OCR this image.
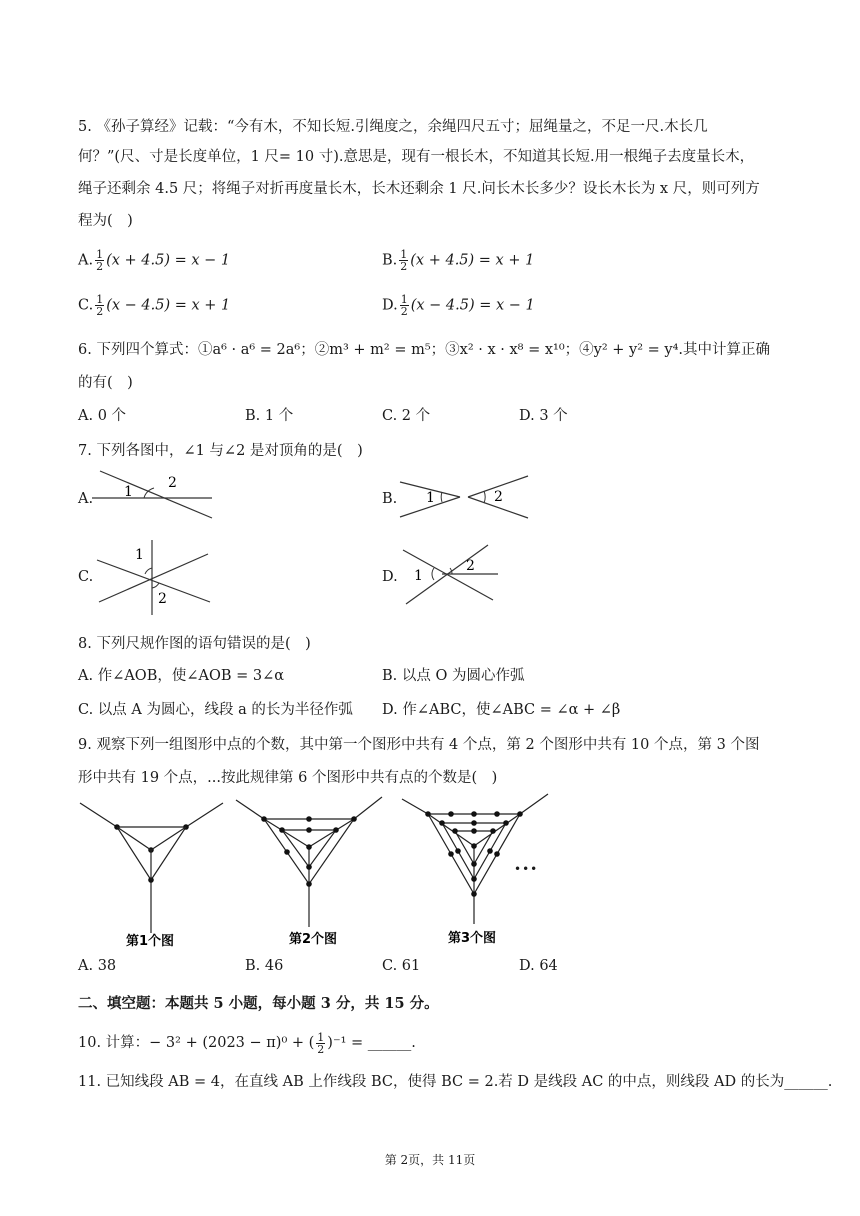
5. 《孙子算经》记载：“今有木，不知长短.引绳度之，余绳四尺五寸；屈绳量之，不足一尺.木长几
何？”(尺、寸是长度单位，1 尺= 10 寸).意思是，现有一根长木，不知道其长短.用一根绳子去度量长木，
绳子还剩余 4.5 尺；将绳子对折再度量长木，长木还剩余 1 尺.问长木长多少？设长木长为 x 尺，则可列方
程为(　)
A. $\frac{1}{2} (x + 4.5) = x - 1$	B. $\frac{1}{2} (x + 4.5) = x + 1$
C. $\frac{1}{2} (x - 4.5) = x + 1$	D. $\frac{1}{2} (x - 4.5) = x - 1$
6. 下列四个算式：①a⁶ · a⁶ = 2a⁶；②m³ + m² = m⁵；③x² · x · x⁸ = x¹⁰；④y² + y² = y⁴.其中计算正确
的有(　)
A. 0 个	B. 1 个	C. 2 个	D. 3 个
7. 下列各图中，∠1 与∠2 是对顶角的是(　)
A. 1
2
B. 1	2
C.
1
2
D. 1
2
8. 下列尺规作图的语句错误的是(　)
A. 作∠AOB，使∠AOB = 3∠α	B. 以点 O 为圆心作弧
C. 以点 A 为圆心，线段 a 的长为半径作弧 D. 作∠ABC，使∠ABC = ∠α + ∠β
9. 观察下列一组图形中点的个数，其中第一个图形中共有 4 个点，第 2 个图形中共有 10 个点，第 3 个图
形中共有 19 个点，...按此规律第 6 个图形中共有点的个数是(　)
第1个图	第2个图	第3个图
•••
A. 38	B. 46	C. 61	D. 64
二、填空题：本题共 5 小题，每小题 3 分，共 15 分。
10. 计算：− 3² + (2023 − π)⁰ + ( $\frac{1}{2} )^{-1}$ = ______.
11. 已知线段 AB = 4，在直线 AB 上作线段 BC，使得 BC = 2.若 D 是线段 AC 的中点，则线段 AD 的长为______.
第 2页，共 11页
